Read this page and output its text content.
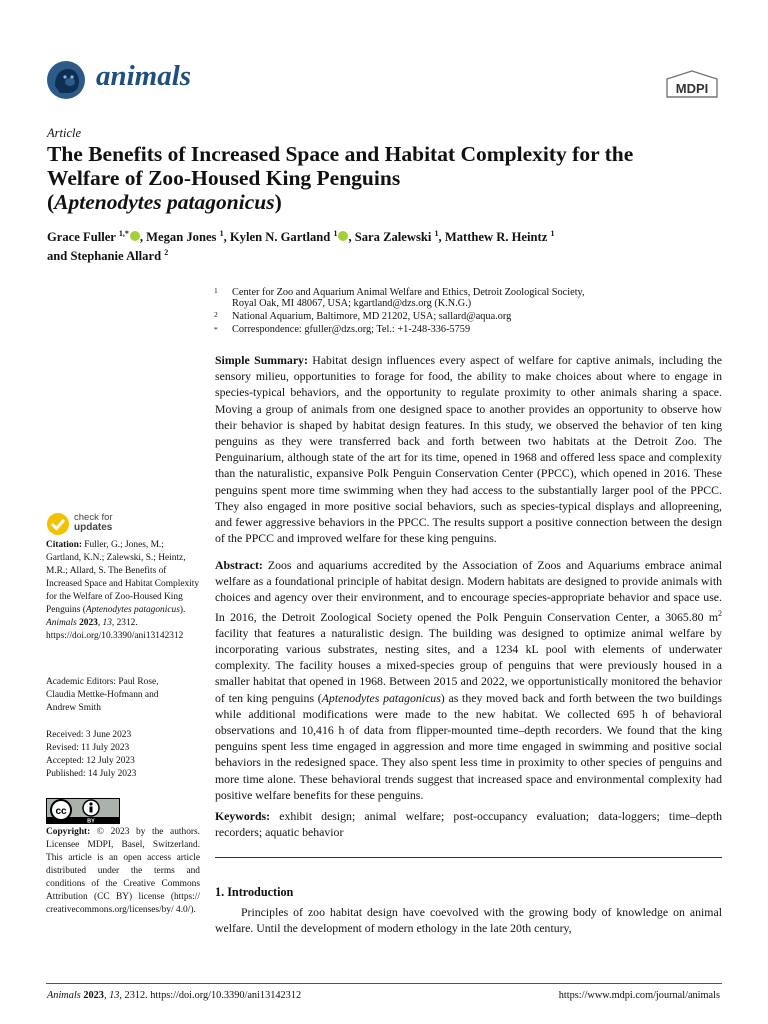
animals	MDPI
Article
The Benefits of Increased Space and Habitat Complexity for the
Welfare of Zoo-Housed King Penguins
(Aptenodytes patagonicus)
Grace Fuller $^{1,*}$ , Megan Jones $^1$, Kylen N. Gartland $^1$ , Sara Zalewski $^1$, Matthew R. Heintz $^1$
and Stephanie Allard $^2$
1 Center for Zoo and Aquarium Animal Welfare and Ethics, Detroit Zoological Society,
Royal Oak, MI 48067, USA; kgartland@dzs.org (K.N.G.)
2 National Aquarium, Baltimore, MD 21202, USA; sallard@aqua.org
* Correspondence: gfuller@dzs.org; Tel.: +1-248-336-5759

Simple Summary: Habitat design influences every aspect of welfare for captive animals, including the sensory milieu, opportunities to forage for food, the ability to make choices about where to engage in species-typical behaviors, and the opportunity to regulate proximity to other animals sharing a space. Moving a group of animals from one designed space to another provides an opportunity to observe how their behavior is shaped by habitat design features. In this study, we observed the behavior of ten king penguins as they were transferred back and forth between two habitats at the Detroit Zoo. The Penguinarium, although state of the art for its time, opened in 1968 and offered less space and complexity than the naturalistic, expansive Polk Penguin Conservation Center (PPCC), which opened in 2016. These penguins spent more time swimming when they had access to the substantially larger pool of the PPCC. They also engaged in more positive social behaviors, such as species-typical displays and allopreening, and fewer aggressive behaviors in the PPCC. The results support a positive connection between the design of the PPCC and improved welfare for these king penguins.

Abstract: Zoos and aquariums accredited by the Association of Zoos and Aquariums embrace animal welfare as a foundational principle of habitat design. Modern habitats are designed to provide animals with choices and agency over their environment, and to encourage species-appropriate behavior and space use. In 2016, the Detroit Zoological Society opened the Polk Penguin Conservation Center, a 3065.80 $m^2$ facility that features a naturalistic design. The building was designed to optimize animal welfare by incorporating various substrates, nesting sites, and a 1234 kL pool with elements of underwater complexity. The facility houses a mixed-species group of penguins that were previously housed in a smaller habitat that opened in 1968. Between 2015 and 2022, we opportunistically monitored the behavior of ten king penguins (Aptenodytes patagonicus) as they moved back and forth between the two buildings while additional modifications were made to the new habitat. We collected 695 h of behavioral observations and 10,416 h of data from flipper-mounted time–depth recorders. We found that the king penguins spent less time engaged in aggression and more time engaged in swimming and positive social behaviors in the redesigned space. They also spent less time in proximity to other species of penguins and more time alone. These behavioral trends suggest that increased space and environmental complexity had positive welfare benefits for these penguins.

Keywords: exhibit design; animal welfare; post-occupancy evaluation; data-loggers; time–depth recorders; aquatic behavior

1. Introduction

Principles of zoo habitat design have coevolved with the growing body of knowledge on animal welfare. Until the development of modern ethology in the late 20th century,

check for
updates

Citation: Fuller, G.; Jones, M.; Gartland, K.N.; Zalewski, S.; Heintz, M.R.; Allard, S. The Benefits of Increased Space and Habitat Complexity for the Welfare of Zoo-Housed King Penguins (Aptenodytes patagonicus). Animals 2023, 13, 2312. https://doi.org/10.3390/ani13142312

Academic Editors: Paul Rose, Claudia Mettke-Hofmann and Andrew Smith

Received: 3 June 2023
Revised: 11 July 2023
Accepted: 12 July 2023
Published: 14 July 2023
cc
BY

Copyright: © 2023 by the authors. Licensee MDPI, Basel, Switzerland. This article is an open access article distributed under the terms and conditions of the Creative Commons Attribution (CC BY) license (https:// creativecommons.org/licenses/by/ 4.0/).

Animals 2023, 13, 2312. https://doi.org/10.3390/ani13142312	https://www.mdpi.com/journal/animals
